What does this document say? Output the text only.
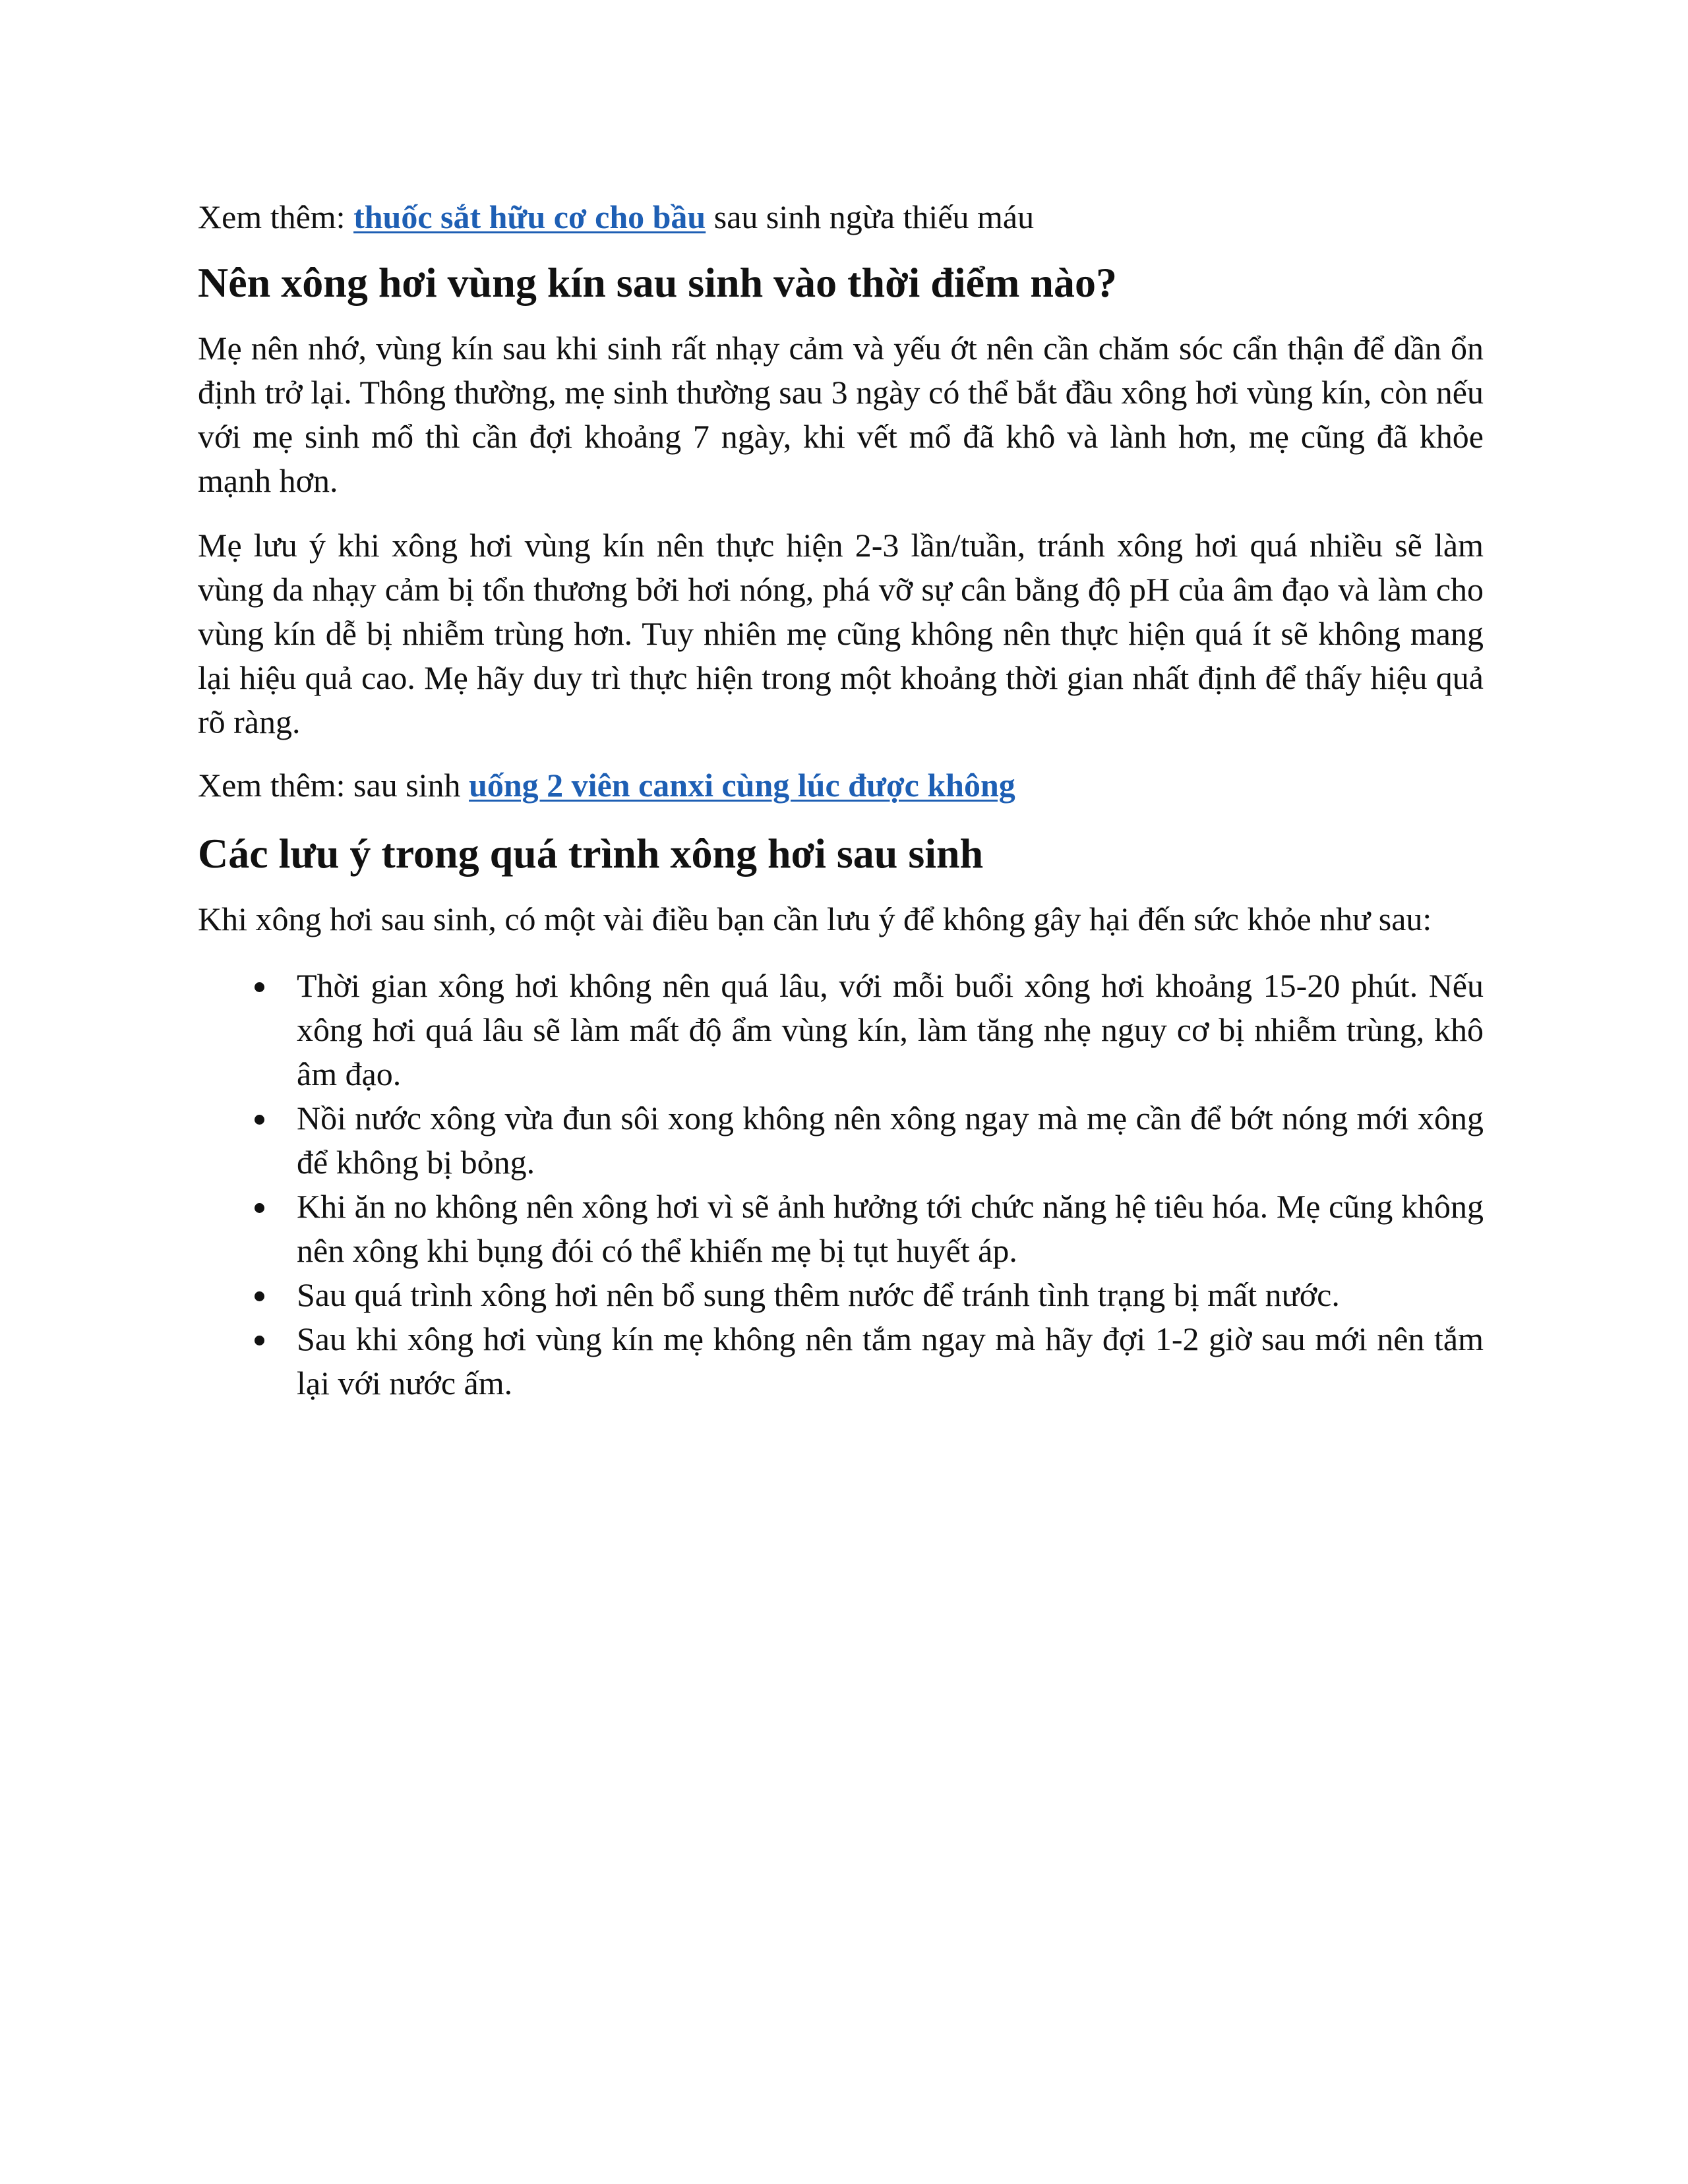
Xem thêm: thuốc sắt hữu cơ cho bầu sau sinh ngừa thiếu máu

Nên xông hơi vùng kín sau sinh vào thời điểm nào?

Mẹ nên nhớ, vùng kín sau khi sinh rất nhạy cảm và yếu ớt nên cần chăm sóc cẩn thận để dần ổn định trở lại. Thông thường, mẹ sinh thường sau 3 ngày có thể bắt đầu xông hơi vùng kín, còn nếu với mẹ sinh mổ thì cần đợi khoảng 7 ngày, khi vết mổ đã khô và lành hơn, mẹ cũng đã khỏe mạnh hơn.

Mẹ lưu ý khi xông hơi vùng kín nên thực hiện 2-3 lần/tuần, tránh xông hơi quá nhiều sẽ làm vùng da nhạy cảm bị tổn thương bởi hơi nóng, phá vỡ sự cân bằng độ pH của âm đạo và làm cho vùng kín dễ bị nhiễm trùng hơn. Tuy nhiên mẹ cũng không nên thực hiện quá ít sẽ không mang lại hiệu quả cao. Mẹ hãy duy trì thực hiện trong một khoảng thời gian nhất định để thấy hiệu quả rõ ràng.

Xem thêm: sau sinh uống 2 viên canxi cùng lúc được không

Các lưu ý trong quá trình xông hơi sau sinh

Khi xông hơi sau sinh, có một vài điều bạn cần lưu ý để không gây hại đến sức khỏe như sau:

Thời gian xông hơi không nên quá lâu, với mỗi buổi xông hơi khoảng 15-20 phút. Nếu xông hơi quá lâu sẽ làm mất độ ẩm vùng kín, làm tăng nhẹ nguy cơ bị nhiễm trùng, khô âm đạo.
Nồi nước xông vừa đun sôi xong không nên xông ngay mà mẹ cần để bớt nóng mới xông để không bị bỏng.
Khi ăn no không nên xông hơi vì sẽ ảnh hưởng tới chức năng hệ tiêu hóa. Mẹ cũng không nên xông khi bụng đói có thể khiến mẹ bị tụt huyết áp.
Sau quá trình xông hơi nên bổ sung thêm nước để tránh tình trạng bị mất nước.
Sau khi xông hơi vùng kín mẹ không nên tắm ngay mà hãy đợi 1-2 giờ sau mới nên tắm lại với nước ấm.
